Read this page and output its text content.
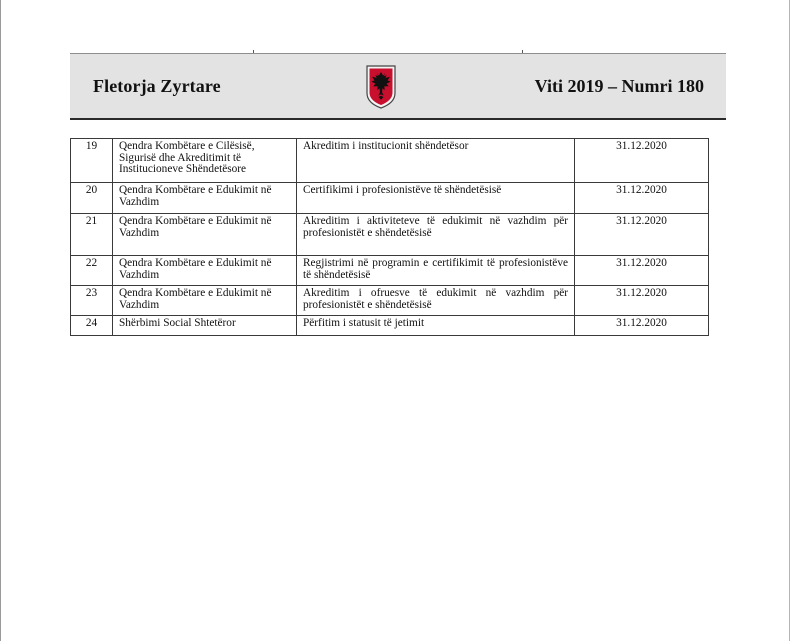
Fletorja Zyrtare	Viti 2019 – Numri 180
19	Qendra Kombëtare e Cilësisë, Sigurisë dhe Akreditimit të Institucioneve Shëndetësore	Akreditim i institucionit shëndetësor	31.12.2020
20	Qendra Kombëtare e Edukimit në Vazhdim	Certifikimi i profesionistëve të shëndetësisë	31.12.2020
21	Qendra Kombëtare e Edukimit në Vazhdim	Akreditim i aktiviteteve të edukimit në vazhdim për profesionistët e shëndetësisë	31.12.2020
22	Qendra Kombëtare e Edukimit në Vazhdim	Regjistrimi në programin e certifikimit të profesionistëve të shëndetësisë	31.12.2020
23	Qendra Kombëtare e Edukimit në Vazhdim	Akreditim i ofruesve të edukimit në vazhdim për profesionistët e shëndetësisë	31.12.2020
24	Shërbimi Social Shtetëror	Përfitim i statusit të jetimit	31.12.2020
